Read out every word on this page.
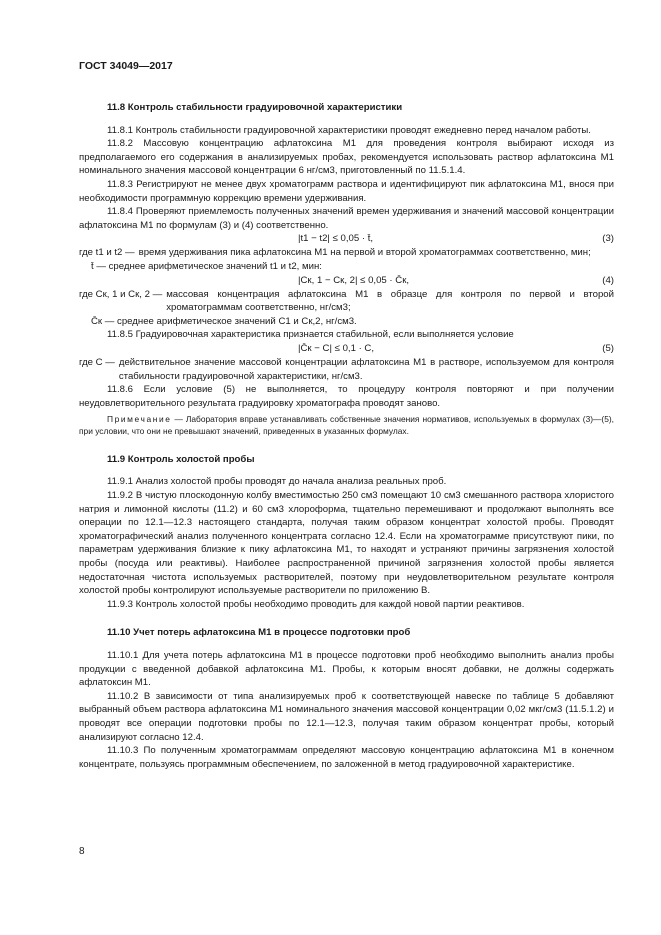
ГОСТ 34049—2017

11.8 Контроль стабильности градуировочной характеристики

11.8.1 Контроль стабильности градуировочной характеристики проводят ежедневно перед началом работы.

11.8.2 Массовую концентрацию афлатоксина M1 для проведения контроля выбирают исходя из предполагаемого его содержания в анализируемых пробах, рекомендуется использовать раствор афлатоксина M1 номинального значения массовой концентрации 6 нг/см3, приготовленный по 11.5.1.4.

11.8.3 Регистрируют не менее двух хроматограмм раствора и идентифицируют пик афлатоксина M1, внося при необходимости программную коррекцию времени удерживания.

11.8.4 Проверяют приемлемость полученных значений времен удерживания и значений массовой концентрации афлатоксина M1 по формулам (3) и (4) соответственно.

|t1 − t2| ≤ 0,05 · t̄,	(3)
где t1 и t2 — время удерживания пика афлатоксина M1 на первой и второй хроматограммах соответственно, мин;

t̄ — среднее арифметическое значений t1 и t2, мин:

|Cк, 1 − Cк, 2| ≤ 0,05 · C̄к,	(4)
где Cк, 1 и Cк, 2 — массовая концентрация афлатоксина M1 в образце для контроля по первой и второй хроматограммам соответственно, нг/см3;

C̄к — среднее арифметическое значений C1 и Cк,2, нг/см3.

11.8.5 Градуировочная характеристика признается стабильной, если выполняется условие

|C̄к − C| ≤ 0,1 · C,	(5)
где C — действительное значение массовой концентрации афлатоксина M1 в растворе, используемом для контроля стабильности градуировочной характеристики, нг/см3.

11.8.6 Если условие (5) не выполняется, то процедуру контроля повторяют и при получении неудовлетворительного результата градуировку хроматографа проводят заново.

Примечание — Лаборатория вправе устанавливать собственные значения нормативов, используемых в формулах (3)—(5), при условии, что они не превышают значений, приведенных в указанных формулах.

11.9 Контроль холостой пробы

11.9.1 Анализ холостой пробы проводят до начала анализа реальных проб.

11.9.2 В чистую плоскодонную колбу вместимостью 250 см3 помещают 10 см3 смешанного раствора хлористого натрия и лимонной кислоты (11.2) и 60 см3 хлороформа, тщательно перемешивают и продолжают выполнять все операции по 12.1—12.3 настоящего стандарта, получая таким образом концентрат холостой пробы. Проводят хроматографический анализ полученного концентрата согласно 12.4. Если на хроматограмме присутствуют пики, по параметрам удерживания близкие к пику афлатоксина M1, то находят и устраняют причины загрязнения холостой пробы (посуда или реактивы). Наиболее распространенной причиной загрязнения холостой пробы является недостаточная чистота используемых растворителей, поэтому при неудовлетворительном результате контроля холостой пробы контролируют используемые растворители по приложению В.

11.9.3 Контроль холостой пробы необходимо проводить для каждой новой партии реактивов.

11.10 Учет потерь афлатоксина M1 в процессе подготовки проб

11.10.1 Для учета потерь афлатоксина M1 в процессе подготовки проб необходимо выполнить анализ пробы продукции с введенной добавкой афлатоксина M1. Пробы, к которым вносят добавки, не должны содержать афлатоксин M1.

11.10.2 В зависимости от типа анализируемых проб к соответствующей навеске по таблице 5 добавляют выбранный объем раствора афлатоксина M1 номинального значения массовой концентрации 0,02 мкг/см3 (11.5.1.2) и проводят все операции подготовки пробы по 12.1—12.3, получая таким образом концентрат пробы, который анализируют согласно 12.4.

11.10.3 По полученным хроматограммам определяют массовую концентрацию афлатоксина M1 в конечном концентрате, пользуясь программным обеспечением, по заложенной в метод градуировочной характеристике.

8
